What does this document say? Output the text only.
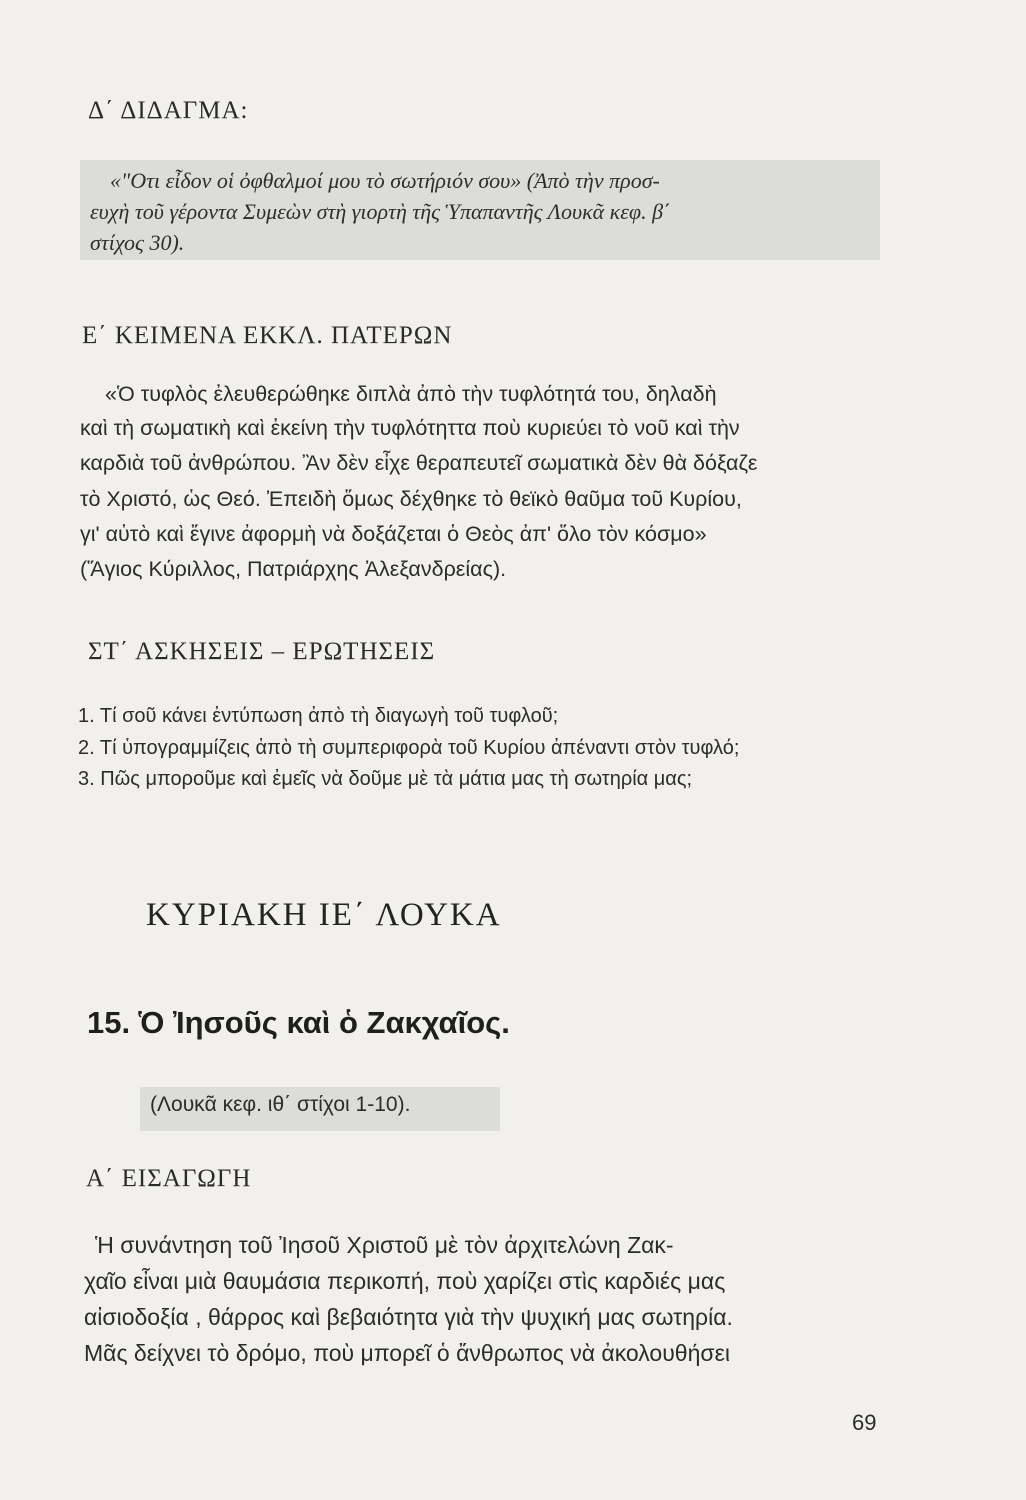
Δ΄ ΔΙΔΑΓΜΑ:
«"Οτι εἶδον οἱ ὀφθαλμοί μου τὸ σωτήριόν σου» (Ἀπὸ τὴν προσ-
ευχὴ τοῦ γέροντα Συμεὼν στὴ γιορτὴ τῆς Ὑπαπαντῆς Λουκᾶ κεφ. β΄
στίχος 30).
Ε΄ ΚΕΙΜΕΝΑ ΕΚΚΛ. ΠΑΤΕΡΩΝ
«Ὁ τυφλὸς ἐλευθερώθηκε διπλὰ ἀπὸ τὴν τυφλότητά του, δηλαδὴ
καὶ τὴ σωματικὴ καὶ ἐκείνη τὴν τυφλότηττα ποὺ κυριεύει τὸ νοῦ καὶ τὴν
καρδιὰ τοῦ ἀνθρώπου. Ἂν δὲν εἶχε θεραπευτεῖ σωματικὰ δὲν θὰ δόξαζε
τὸ Χριστό, ὡς Θεό. Ἐπειδὴ ὅμως δέχθηκε τὸ θεϊκὸ θαῦμα τοῦ Κυρίου,
γι' αὐτὸ καὶ ἔγινε ἀφορμὴ νὰ δοξάζεται ὁ Θεὸς ἀπ' ὅλο τὸν κόσμο»
(Ἅγιος Κύριλλος, Πατριάρχης Ἀλεξανδρείας).
ΣΤ΄ ΑΣΚΗΣΕΙΣ – ΕΡΩΤΗΣΕΙΣ
1. Τί σοῦ κάνει ἐντύπωση ἀπὸ τὴ διαγωγὴ τοῦ τυφλοῦ;
2. Τί ὑπογραμμίζεις ἀπὸ τὴ συμπεριφορὰ τοῦ Κυρίου ἀπέναντι στὸν τυφλό;
3. Πῶς μποροῦμε καὶ ἐμεῖς νὰ δοῦμε μὲ τὰ μάτια μας τὴ σωτηρία μας;
ΚΥΡΙΑΚΗ ΙΕ΄ ΛΟΥΚΑ
15. Ὁ Ἰησοῦς καὶ ὁ Ζακχαῖος.
(Λουκᾶ κεφ. ιθ΄ στίχοι 1-10).
Α΄ ΕΙΣΑΓΩΓΗ
Ἡ συνάντηση τοῦ Ἰησοῦ Χριστοῦ μὲ τὸν ἀρχιτελώνη Ζακ-
χαῖο εἶναι μιὰ θαυμάσια περικοπή, ποὺ χαρίζει στὶς καρδιές μας
αἰσιοδοξία , θάρρος καὶ βεβαιότητα γιὰ τὴν ψυχική μας σωτηρία.
Μᾶς δείχνει τὸ δρόμο, ποὺ μπορεῖ ὁ ἄνθρωπος νὰ ἀκολουθήσει
69
